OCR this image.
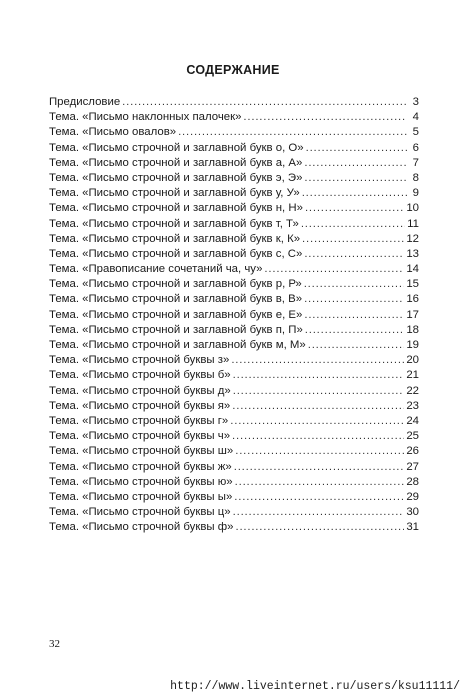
СОДЕРЖАНИЕ
Предисловие .....	3
Тема. «Письмо наклонных палочек» .....	4
Тема. «Письмо овалов» .....	5
Тема. «Письмо строчной и заглавной букв о, О» .....	6
Тема. «Письмо строчной и заглавной букв а, А» .....	7
Тема. «Письмо строчной и заглавной букв э, Э» .....	8
Тема. «Письмо строчной и заглавной букв у, У» .....	9
Тема. «Письмо строчной и заглавной букв н, Н» .....	10
Тема. «Письмо строчной и заглавной букв т, Т» .....	11
Тема. «Письмо строчной и заглавной букв к, К» .....	12
Тема. «Письмо строчной и заглавной букв с, С» .....	13
Тема. «Правописание сочетаний ча, чу» .....	14
Тема. «Письмо строчной и заглавной букв р, Р» .....	15
Тема. «Письмо строчной и заглавной букв в, В» .....	16
Тема. «Письмо строчной и заглавной букв е, Е» .....	17
Тема. «Письмо строчной и заглавной букв п, П» .....	18
Тема. «Письмо строчной и заглавной букв м, М» .....	19
Тема. «Письмо строчной буквы з» .....	20
Тема. «Письмо строчной буквы б» .....	21
Тема. «Письмо строчной буквы д» .....	22
Тема. «Письмо строчной буквы я» .....	23
Тема. «Письмо строчной буквы г» .....	24
Тема. «Письмо строчной буквы ч» .....	25
Тема. «Письмо строчной буквы ш» .....	26
Тема. «Письмо строчной буквы ж» .....	27
Тема. «Письмо строчной буквы ю» .....	28
Тема. «Письмо строчной буквы ы» .....	29
Тема. «Письмо строчной буквы ц» .....	30
Тема. «Письмо строчной буквы ф» .....	31
32
http://www.liveinternet.ru/users/ksu11111/
